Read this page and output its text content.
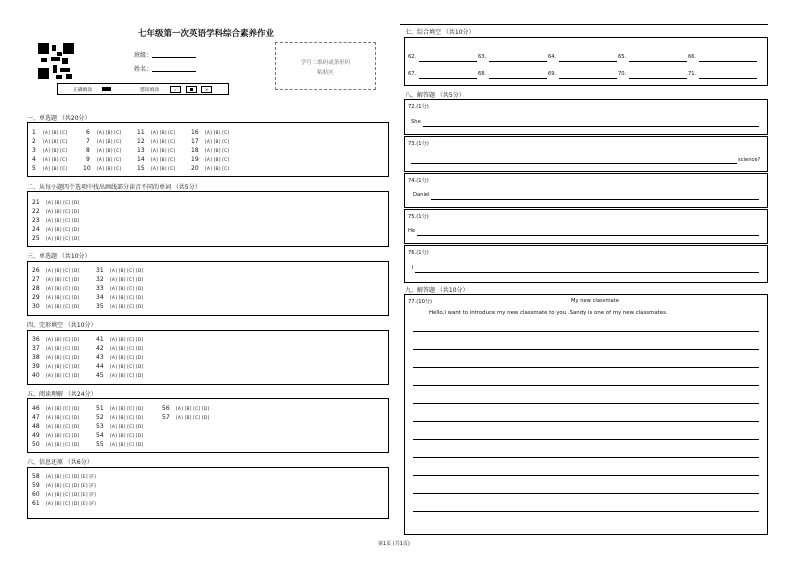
七年级第一次英语学科综合素养作业
班级：
姓名：
学号二维码或条形码
粘贴区
正确填涂	错误填涂	✓	✕
一、单选题 （共20分）
1 [A] [B] [C]
2 [A] [B] [C]
3 [A] [B] [C]
4 [A] [B] [C]
5 [A] [B] [C]
6 [A] [B] [C]
7 [A] [B] [C]
8 [A] [B] [C]
9 [A] [B] [C]
10 [A] [B] [C]
11 [A] [B] [C]
12 [A] [B] [C]
13 [A] [B] [C]
14 [A] [B] [C]
15 [A] [B] [C]
16 [A] [B] [C]
17 [A] [B] [C]
18 [A] [B] [C]
19 [A] [B] [C]
20 [A] [B] [C]
二、从每小题四个选项中找出画线部分读音不同的单词 （共5分）
21 [A] [B] [C] [D]
22 [A] [B] [C] [D]
23 [A] [B] [C] [D]
24 [A] [B] [C] [D]
25 [A] [B] [C] [D]
三、单选题 （共10分）
26 [A] [B] [C] [D]
27 [A] [B] [C] [D]
28 [A] [B] [C] [D]
29 [A] [B] [C] [D]
30 [A] [B] [C] [D]
31 [A] [B] [C] [D]
32 [A] [B] [C] [D]
33 [A] [B] [C] [D]
34 [A] [B] [C] [D]
35 [A] [B] [C] [D]
四、完形填空 （共10分）
36 [A] [B] [C] [D]
37 [A] [B] [C] [D]
38 [A] [B] [C] [D]
39 [A] [B] [C] [D]
40 [A] [B] [C] [D]
41 [A] [B] [C] [D]
42 [A] [B] [C] [D]
43 [A] [B] [C] [D]
44 [A] [B] [C] [D]
45 [A] [B] [C] [D]
五、阅读理解 （共24分）
46 [A] [B] [C] [D]
47 [A] [B] [C] [D]
48 [A] [B] [C] [D]
49 [A] [B] [C] [D]
50 [A] [B] [C] [D]
51 [A] [B] [C] [D]
52 [A] [B] [C] [D]
53 [A] [B] [C] [D]
54 [A] [B] [C] [D]
55 [A] [B] [C] [D]
56 [A] [B] [C] [D]
57 [A] [B] [C] [D]
六、信息还原 （共6分）
58 [A] [B] [C] [D] [E] [F]
59 [A] [B] [C] [D] [E] [F]
60 [A] [B] [C] [D] [E] [F]
61 [A] [B] [C] [D] [E] [F]
七、综合填空 （共10分）
62.	63.	64.	65.	66.
67.	68.	69.	70.	71.
八、解答题 （共5分）
72.(1分)
She
73.(1分)
science?
74.(1分)
Daniel
75.(1分)
He
76.(1分)
I
九、解答题 （共10分）
77.(10分)	My new classmate
Hello,I want to introduce my new classmate to you .Sandy is one of my new classmates.
第1页 (共1页)
